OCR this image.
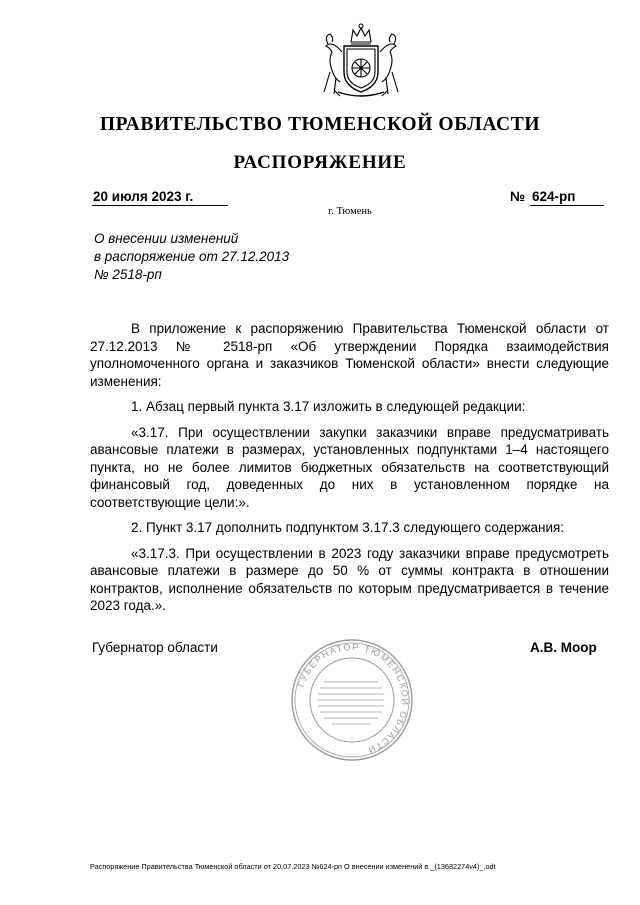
ПРАВИТЕЛЬСТВО ТЮМЕНСКОЙ ОБЛАСТИ
РАСПОРЯЖЕНИЕ
20 июля 2023 г.	№ 624-рп
г. Тюмень
О внесении изменений
в распоряжение от 27.12.2013
№ 2518-рп

В приложение к распоряжению Правительства Тюменской области от 27.12.2013 № 2518-рп «Об утверждении Порядка взаимодействия уполномоченного органа и заказчиков Тюменской области» внести следующие изменения:

1. Абзац первый пункта 3.17 изложить в следующей редакции:

«3.17. При осуществлении закупки заказчики вправе предусматривать авансовые платежи в размерах, установленных подпунктами 1–4 настоящего пункта, но не более лимитов бюджетных обязательств на соответствующий финансовый год, доведенных до них в установленном порядке на соответствующие цели:».

2. Пункт 3.17 дополнить подпунктом 3.17.3 следующего содержания:

«3.17.3. При осуществлении в 2023 году заказчики вправе предусмотреть авансовые платежи в размере до 50 % от суммы контракта в отношении контрактов, исполнение обязательств по которым предусматривается в течение 2023 года.».

Губернатор области	А.В. Моор
ГУБЕРНАТОР ТЮМЕНСКОЙ ОБЛАСТИ
Распоряжение Правительства Тюменской области от 20.07.2023 №624-рп О внесении изменений в _(13682274v4)_.odt
